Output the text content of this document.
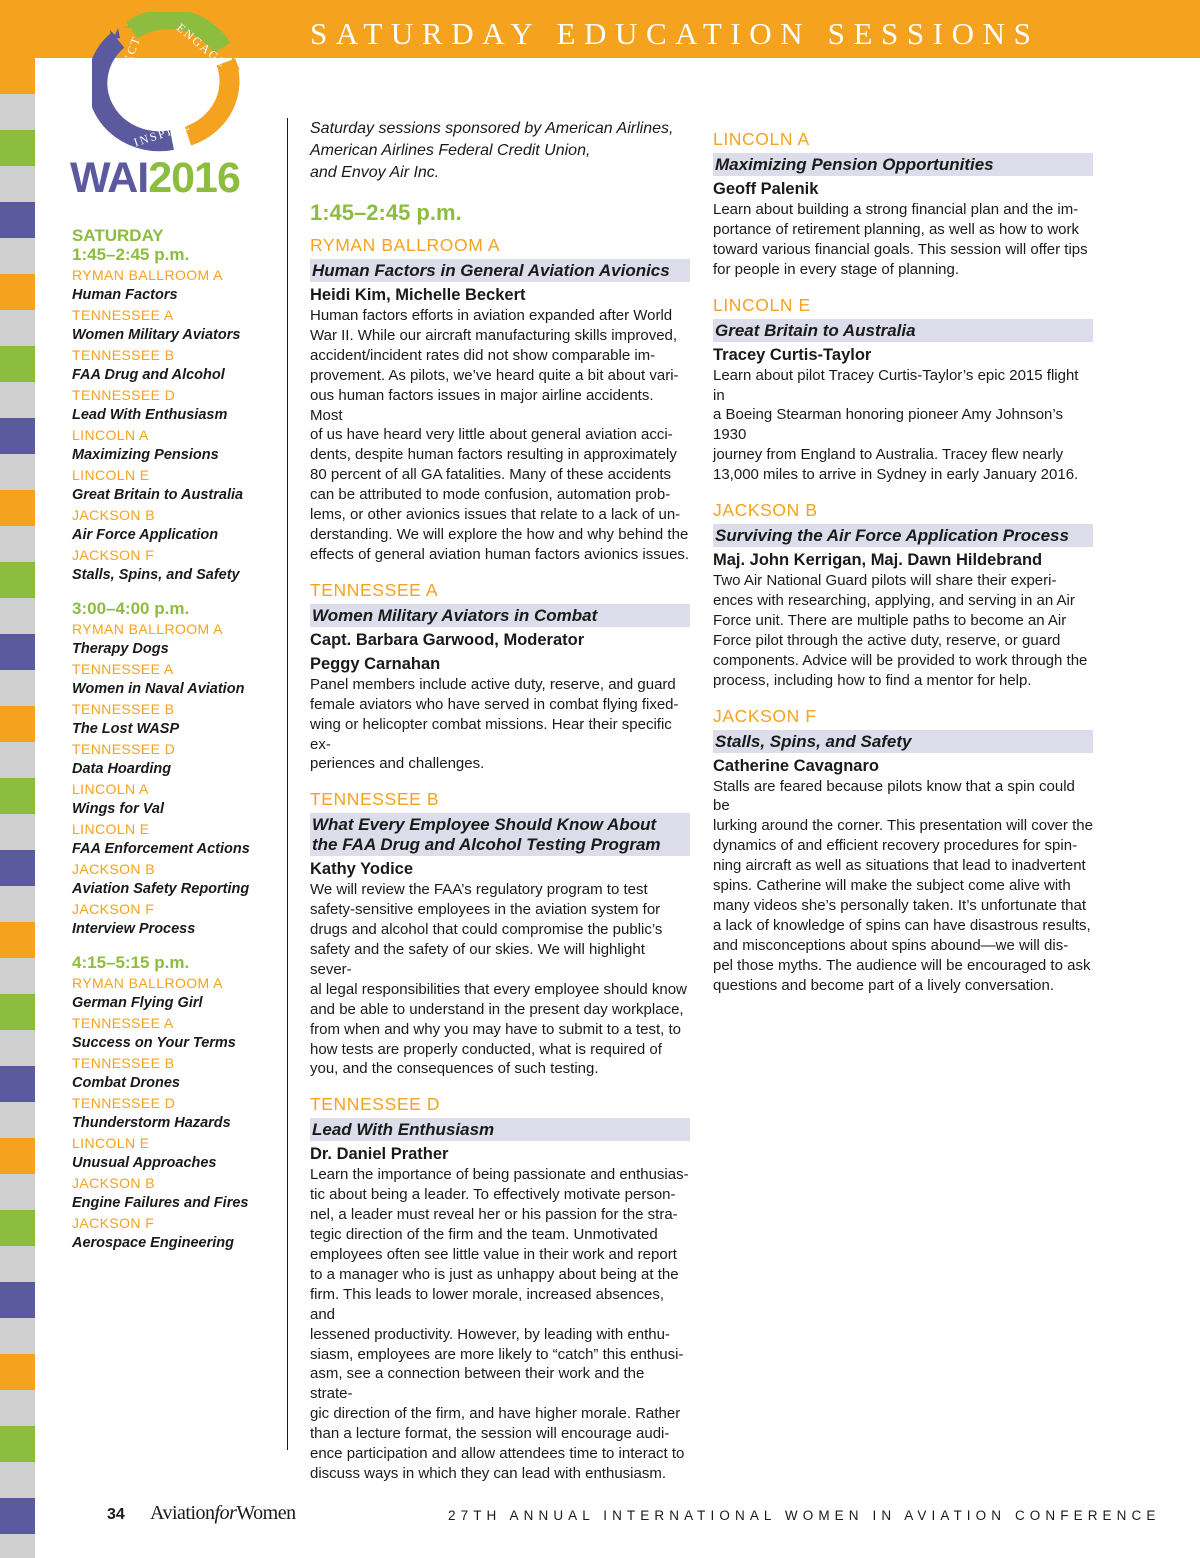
SATURDAY EDUCATION SESSIONS
CONNECT	ENGAGE
INSPIRE
WAI2016
SATURDAY
1:45–2:45 p.m.
RYMAN BALLROOM A
Human Factors
TENNESSEE A
Women Military Aviators
TENNESSEE B
FAA Drug and Alcohol
TENNESSEE D
Lead With Enthusiasm
LINCOLN A
Maximizing Pensions
LINCOLN E
Great Britain to Australia
JACKSON B
Air Force Application
JACKSON F
Stalls, Spins, and Safety
3:00–4:00 p.m.
RYMAN BALLROOM A
Therapy Dogs
TENNESSEE A
Women in Naval Aviation
TENNESSEE B
The Lost WASP
TENNESSEE D
Data Hoarding
LINCOLN A
Wings for Val
LINCOLN E
FAA Enforcement Actions
JACKSON B
Aviation Safety Reporting
JACKSON F
Interview Process
4:15–5:15 p.m.
RYMAN BALLROOM A
German Flying Girl
TENNESSEE A
Success on Your Terms
TENNESSEE B
Combat Drones
TENNESSEE D
Thunderstorm Hazards
LINCOLN E
Unusual Approaches
JACKSON B
Engine Failures and Fires
JACKSON F
Aerospace Engineering
Saturday sessions sponsored by American Airlines,
American Airlines Federal Credit Union,
and Envoy Air Inc.
1:45–2:45 p.m.
RYMAN BALLROOM A
Human Factors in General Aviation Avionics
Heidi Kim, Michelle Beckert
Human factors efforts in aviation expanded after World
War II. While our aircraft manufacturing skills improved,
accident/incident rates did not show comparable im-
provement. As pilots, we’ve heard quite a bit about vari-
ous human factors issues in major airline accidents. Most
of us have heard very little about general aviation acci-
dents, despite human factors resulting in approximately
80 percent of all GA fatalities. Many of these accidents
can be attributed to mode confusion, automation prob-
lems, or other avionics issues that relate to a lack of un-
derstanding. We will explore the how and why behind the
effects of general aviation human factors avionics issues.
TENNESSEE A
Women Military Aviators in Combat
Capt. Barbara Garwood, Moderator
Peggy Carnahan
Panel members include active duty, reserve, and guard
female aviators who have served in combat flying fixed-
wing or helicopter combat missions. Hear their specific ex-
periences and challenges.
TENNESSEE B
What Every Employee Should Know About
the FAA Drug and Alcohol Testing Program
Kathy Yodice
We will review the FAA’s regulatory program to test
safety-sensitive employees in the aviation system for
drugs and alcohol that could compromise the public’s
safety and the safety of our skies. We will highlight sever-
al legal responsibilities that every employee should know
and be able to understand in the present day workplace,
from when and why you may have to submit to a test, to
how tests are properly conducted, what is required of
you, and the consequences of such testing.
TENNESSEE D
Lead With Enthusiasm
Dr. Daniel Prather
Learn the importance of being passionate and enthusias-
tic about being a leader. To effectively motivate person-
nel, a leader must reveal her or his passion for the stra-
tegic direction of the firm and the team. Unmotivated
employees often see little value in their work and report
to a manager who is just as unhappy about being at the
firm. This leads to lower morale, increased absences, and
lessened productivity. However, by leading with enthu-
siasm, employees are more likely to “catch” this enthusi-
asm, see a connection between their work and the strate-
gic direction of the firm, and have higher morale. Rather
than a lecture format, the session will encourage audi-
ence participation and allow attendees time to interact to
discuss ways in which they can lead with enthusiasm.
LINCOLN A
Maximizing Pension Opportunities
Geoff Palenik
Learn about building a strong financial plan and the im-
portance of retirement planning, as well as how to work
toward various financial goals. This session will offer tips
for people in every stage of planning.
LINCOLN E
Great Britain to Australia
Tracey Curtis-Taylor
Learn about pilot Tracey Curtis-Taylor’s epic 2015 flight in
a Boeing Stearman honoring pioneer Amy Johnson’s 1930
journey from England to Australia. Tracey flew nearly
13,000 miles to arrive in Sydney in early January 2016.
JACKSON B
Surviving the Air Force Application Process
Maj. John Kerrigan, Maj. Dawn Hildebrand
Two Air National Guard pilots will share their experi-
ences with researching, applying, and serving in an Air
Force unit. There are multiple paths to become an Air
Force pilot through the active duty, reserve, or guard
components. Advice will be provided to work through the
process, including how to find a mentor for help.
JACKSON F
Stalls, Spins, and Safety
Catherine Cavagnaro
Stalls are feared because pilots know that a spin could be
lurking around the corner. This presentation will cover the
dynamics of and efficient recovery procedures for spin-
ning aircraft as well as situations that lead to inadvertent
spins. Catherine will make the subject come alive with
many videos she’s personally taken. It’s unfortunate that
a lack of knowledge of spins can have disastrous results,
and misconceptions about spins abound—we will dis-
pel those myths. The audience will be encouraged to ask
questions and become part of a lively conversation.
34 AviationforWomen	27TH ANNUAL INTERNATIONAL WOMEN IN AVIATION CONFERENCE
